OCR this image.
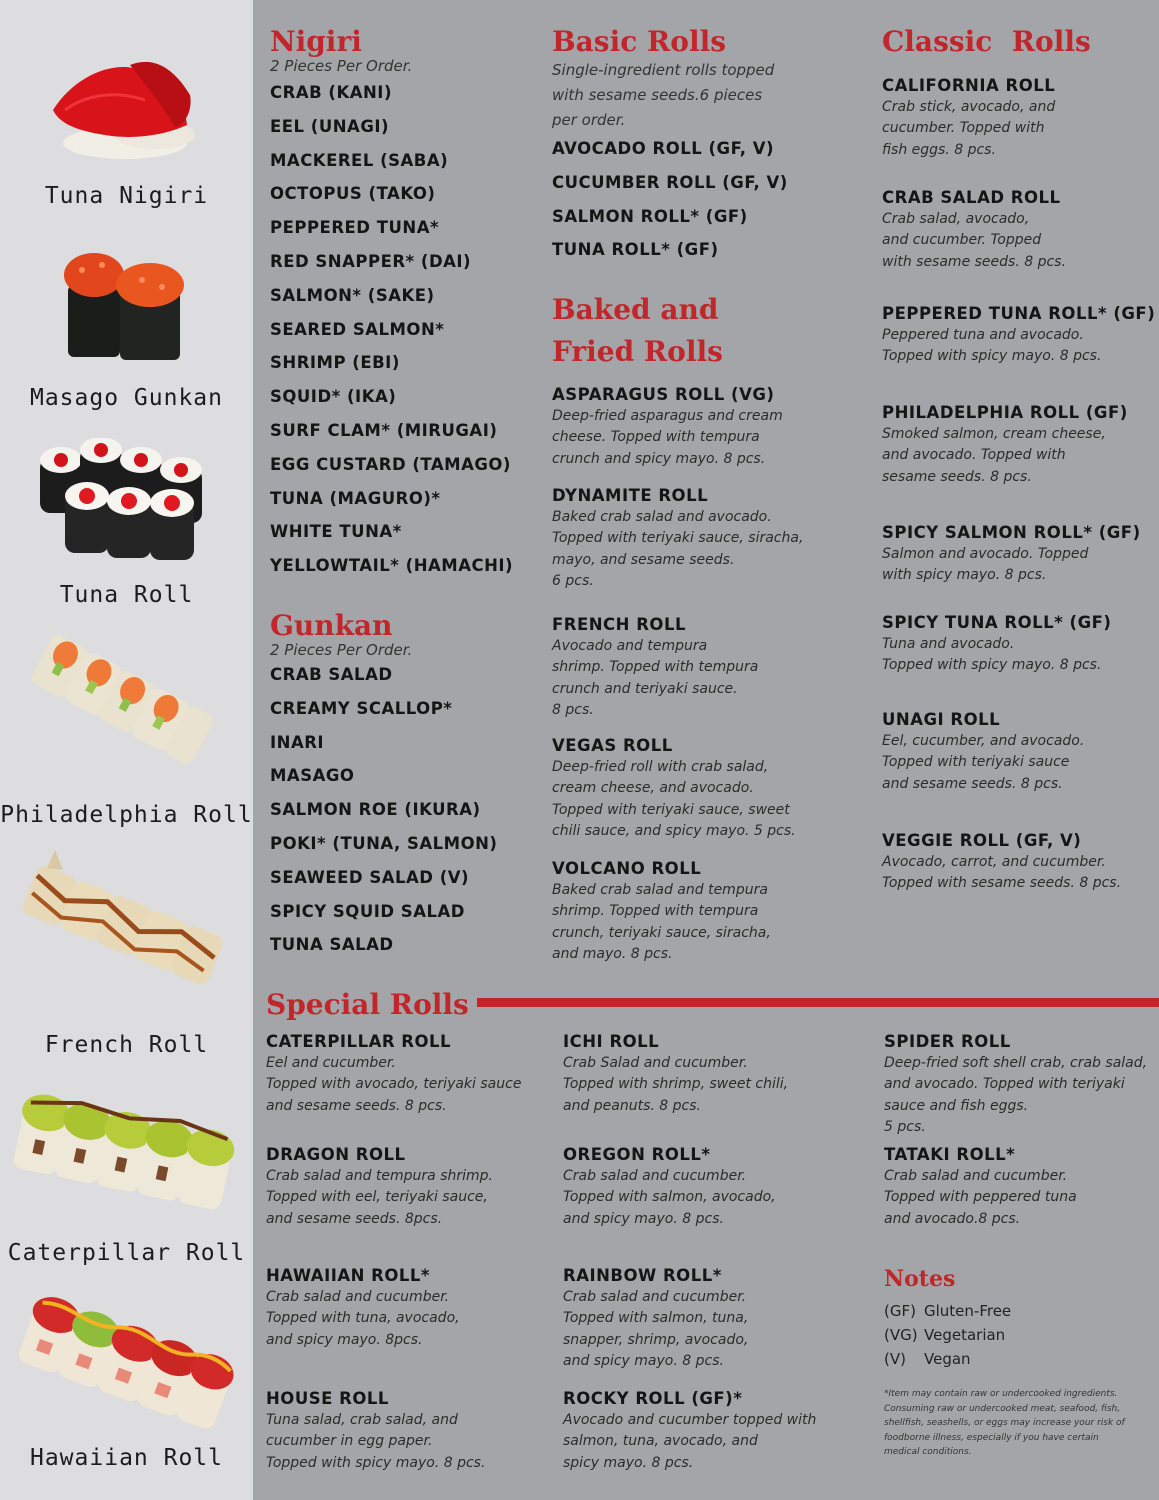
Tuna Nigiri
Masago Gunkan
Tuna Roll
Philadelphia Roll
French Roll
Caterpillar Roll
Hawaiian Roll
Nigiri
2 Pieces Per Order.
CRAB (KANI)
EEL (UNAGI)
MACKEREL (SABA)
OCTOPUS (TAKO)
PEPPERED TUNA*
RED SNAPPER* (DAI)
SALMON* (SAKE)
SEARED SALMON*
SHRIMP (EBI)
SQUID* (IKA)
SURF CLAM* (MIRUGAI)
EGG CUSTARD (TAMAGO)
TUNA (MAGURO)*
WHITE TUNA*
YELLOWTAIL* (HAMACHI)
Gunkan
2 Pieces Per Order.
CRAB SALAD
CREAMY SCALLOP*
INARI
MASAGO
SALMON ROE (IKURA)
POKI* (TUNA, SALMON)
SEAWEED SALAD (V)
SPICY SQUID SALAD
TUNA SALAD
Basic Rolls
Single-ingredient rolls topped
with sesame seeds.6 pieces
per order.
AVOCADO ROLL (GF, V)
CUCUMBER ROLL (GF, V)
SALMON ROLL* (GF)
TUNA ROLL* (GF)
Baked and
Fried Rolls
ASPARAGUS ROLL (VG)
Deep-fried asparagus and cream
cheese. Topped with tempura
crunch and spicy mayo. 8 pcs.
DYNAMITE ROLL
Baked crab salad and avocado.
Topped with teriyaki sauce, siracha,
mayo, and sesame seeds.
6 pcs.
FRENCH ROLL
Avocado and tempura
shrimp. Topped with tempura
crunch and teriyaki sauce.
8 pcs.
VEGAS ROLL
Deep-fried roll with crab salad,
cream cheese, and avocado.
Topped with teriyaki sauce, sweet
chili sauce, and spicy mayo. 5 pcs.
VOLCANO ROLL
Baked crab salad and tempura
shrimp. Topped with tempura
crunch, teriyaki sauce, siracha,
and mayo. 8 pcs.
Classic  Rolls
CALIFORNIA ROLL
Crab stick, avocado, and
cucumber. Topped with
fish eggs. 8 pcs.
CRAB SALAD ROLL
Crab salad, avocado,
and cucumber. Topped
with sesame seeds. 8 pcs.
PEPPERED TUNA ROLL* (GF)
Peppered tuna and avocado.
Topped with spicy mayo. 8 pcs.
PHILADELPHIA ROLL (GF)
Smoked salmon, cream cheese,
and avocado. Topped with
sesame seeds. 8 pcs.
SPICY SALMON ROLL* (GF)
Salmon and avocado. Topped
with spicy mayo. 8 pcs.
SPICY TUNA ROLL* (GF)
Tuna and avocado.
Topped with spicy mayo. 8 pcs.
UNAGI ROLL
Eel, cucumber, and avocado.
Topped with teriyaki sauce
and sesame seeds. 8 pcs.
VEGGIE ROLL (GF, V)
Avocado, carrot, and cucumber.
Topped with sesame seeds. 8 pcs.
Special Rolls
CATERPILLAR ROLL
Eel and cucumber.
Topped with avocado, teriyaki sauce
and sesame seeds. 8 pcs.
DRAGON ROLL
Crab salad and tempura shrimp.
Topped with eel, teriyaki sauce,
and sesame seeds. 8pcs.
HAWAIIAN ROLL*
Crab salad and cucumber.
Topped with tuna, avocado,
and spicy mayo. 8pcs.
HOUSE ROLL
Tuna salad, crab salad, and
cucumber in egg paper.
Topped with spicy mayo. 8 pcs.
ICHI ROLL
Crab Salad and cucumber.
Topped with shrimp, sweet chili,
and peanuts. 8 pcs.
OREGON ROLL*
Crab salad and cucumber.
Topped with salmon, avocado,
and spicy mayo. 8 pcs.
RAINBOW ROLL*
Crab salad and cucumber.
Topped with salmon, tuna,
snapper, shrimp, avocado,
and spicy mayo. 8 pcs.
ROCKY ROLL (GF)*
Avocado and cucumber topped with
salmon, tuna, avocado, and
spicy mayo. 8 pcs.
SPIDER ROLL
Deep-fried soft shell crab, crab salad,
and avocado. Topped with teriyaki
sauce and fish eggs.
5 pcs.
TATAKI ROLL*
Crab salad and cucumber.
Topped with peppered tuna
and avocado.8 pcs.
Notes
(GF) Gluten-Free
(VG) Vegetarian
(V) Vegan
*Item may contain raw or undercooked ingredients.
Consuming raw or undercooked meat, seafood, fish,
shellfish, seashells, or eggs may increase your risk of
foodborne illness, especially if you have certain
medical conditions.
